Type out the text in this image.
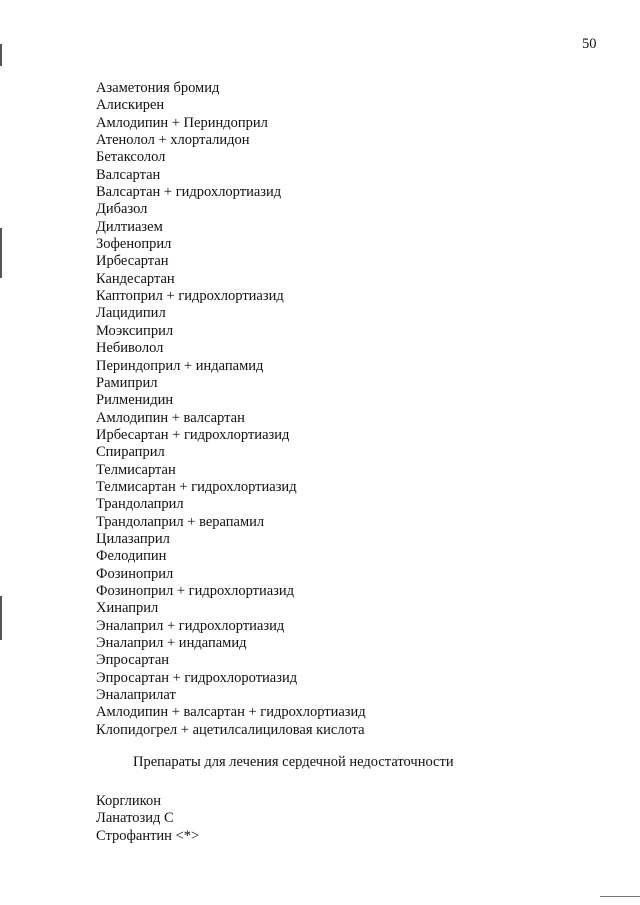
50
Азаметония бромид
Алискирен
Амлодипин + Периндоприл
Атенолол + хлорталидон
Бетаксолол
Валсартан
Валсартан + гидрохлортиазид
Дибазол
Дилтиазем
Зофеноприл
Ирбесартан
Кандесартан
Каптоприл + гидрохлортиазид
Лацидипил
Моэксиприл
Небиволол
Периндоприл + индапамид
Рамиприл
Рилменидин
Амлодипин + валсартан
Ирбесартан + гидрохлортиазид
Спираприл
Телмисартан
Телмисартан + гидрохлортиазид
Трандолаприл
Трандолаприл + верапамил
Цилазаприл
Фелодипин
Фозиноприл
Фозиноприл + гидрохлортиазид
Хинаприл
Эналаприл + гидрохлортиазид
Эналаприл + индапамид
Эпросартан
Эпросартан + гидрохлоротиазид
Эналаприлат
Амлодипин + валсартан + гидрохлортиазид
Клопидогрел + ацетилсалициловая кислота
Препараты для лечения сердечной недостаточности
Коргликон
Ланатозид С
Строфантин <*>
